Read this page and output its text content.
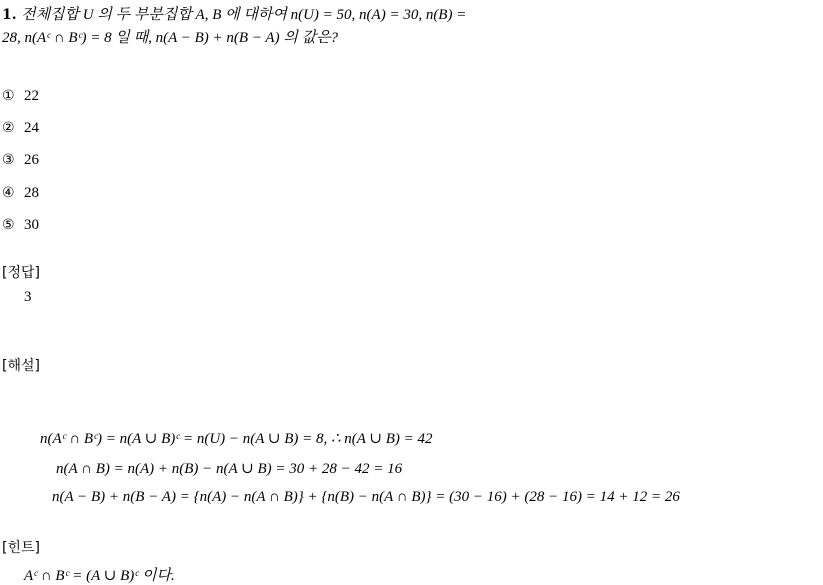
1. 전체집합 U 의 두 부분집합 A, B 에 대하여 n(U) = 50, n(A) = 30, n(B) =
28, n(Aᶜ ∩ Bᶜ) = 8 일 때, n(A − B) + n(B − A) 의 값은?
① 22
② 24
③ 26
④ 28
⑤ 30
[정답]
3
[해설]
n(Aᶜ ∩ Bᶜ) = n(A ∪ B)ᶜ = n(U) − n(A ∪ B) = 8, ∴ n(A ∪ B) = 42
n(A ∩ B) = n(A) + n(B) − n(A ∪ B) = 30 + 28 − 42 = 16
n(A − B) + n(B − A) = {n(A) − n(A ∩ B)} + {n(B) − n(A ∩ B)} = (30 − 16) + (28 − 16) = 14 + 12 = 26
[힌트]
Aᶜ ∩ Bᶜ = (A ∪ B)ᶜ 이다.
